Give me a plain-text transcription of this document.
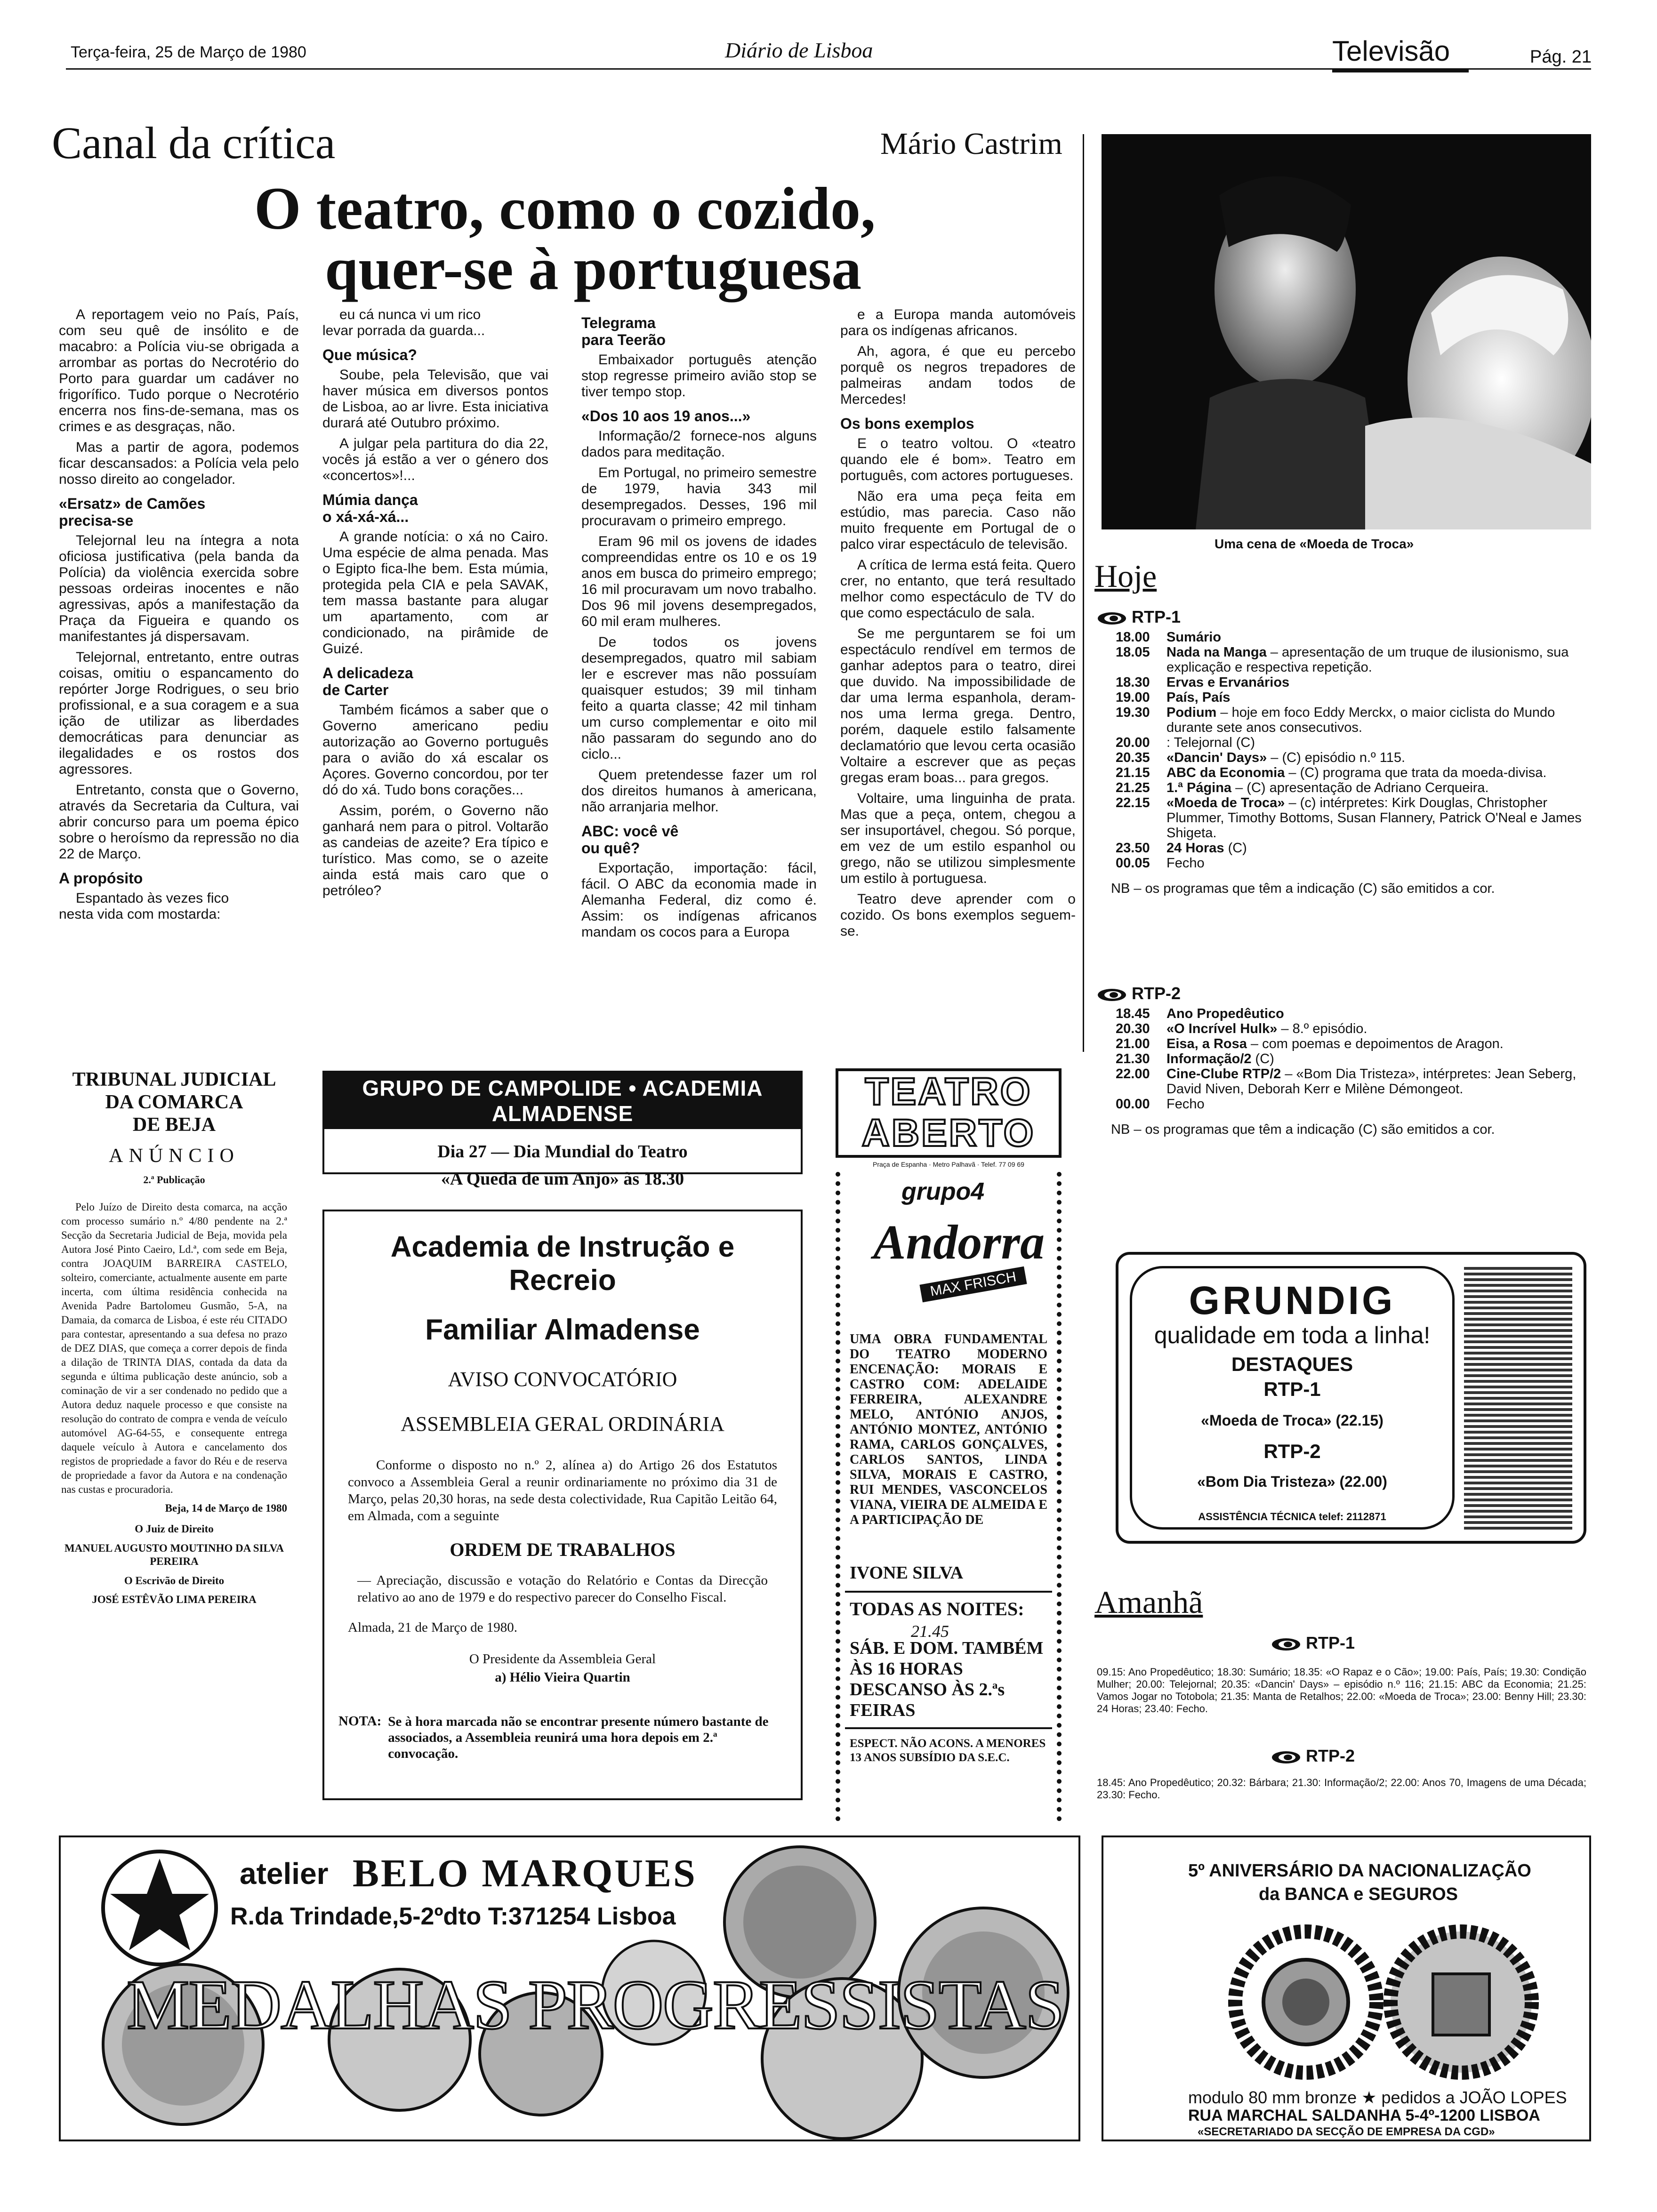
Terça-feira, 25 de Março de 1980	Diário de Lisboa	Televisão	Pág. 21
Canal da crítica	Mário Castrim
O teatro, como o cozido,
quer-se à portuguesa

A reportagem veio no País, País, com seu quê de insólito e de macabro: a Polícia viu-se obrigada a arrombar as portas do Necrotério do Porto para guardar um cadáver no frigorífico. Tudo porque o Necrotério encerra nos fins-de-semana, mas os crimes e as desgraças, não.

Mas a partir de agora, podemos ficar descansados: a Polícia vela pelo nosso direito ao congelador.

«Ersatz» de Camões
precisa-se

Telejornal leu na íntegra a nota oficiosa justificativa (pela banda da Polícia) da violência exercida sobre pessoas ordeiras inocentes e não agressivas, após a manifestação da Praça da Figueira e quando os manifestantes já dispersavam.

Telejornal, entretanto, entre outras coisas, omitiu o espancamento do repórter Jorge Rodrigues, o seu brio profissional, e a sua coragem e a sua ição de utilizar as liberdades democráticas para denunciar as ilegalidades e os rostos dos agressores.

Entretanto, consta que o Governo, através da Secretaria da Cultura, vai abrir concurso para um poema épico sobre o heroísmo da repressão no dia 22 de Março.

A propósito

Espantado às vezes fico
nesta vida com mostarda:

eu cá nunca vi um rico
levar porrada da guarda...

Que música?

Soube, pela Televisão, que vai haver música em diversos pontos de Lisboa, ao ar livre. Esta iniciativa durará até Outubro próximo.

A julgar pela partitura do dia 22, vocês já estão a ver o género dos «concertos»!...

Múmia dança
o xá-xá-xá...

A grande notícia: o xá no Cairo. Uma espécie de alma penada. Mas o Egipto fica-lhe bem. Esta múmia, protegida pela CIA e pela SAVAK, tem massa bastante para alugar um apartamento, com ar condicionado, na pirâmide de Guizé.

A delicadeza
de Carter

Também ficámos a saber que o Governo americano pediu autorização ao Governo português para o avião do xá escalar os Açores. Governo concordou, por ter dó do xá. Tudo bons corações...

Assim, porém, o Governo não ganhará nem para o pitrol. Voltarão as candeias de azeite? Era típico e turístico. Mas como, se o azeite ainda está mais caro que o petróleo?

Telegrama
para Teerão

Embaixador português atenção stop regresse primeiro avião stop se tiver tempo stop.

«Dos 10 aos 19 anos...»

Informação/2 fornece-nos alguns dados para meditação.

Em Portugal, no primeiro semestre de 1979, havia 343 mil desempregados. Desses, 196 mil procuravam o primeiro emprego.

Eram 96 mil os jovens de idades compreendidas entre os 10 e os 19 anos em busca do primeiro emprego; 16 mil procuravam um novo trabalho. Dos 96 mil jovens desempregados, 60 mil eram mulheres.

De todos os jovens desempregados, quatro mil sabiam ler e escrever mas não possuíam quaisquer estudos; 39 mil tinham feito a quarta classe; 42 mil tinham um curso complementar e oito mil não passaram do segundo ano do ciclo...

Quem pretendesse fazer um rol dos direitos humanos à americana, não arranjaria melhor.

ABC: você vê
ou quê?

Exportação, importação: fácil, fácil. O ABC da economia made in Alemanha Federal, diz como é. Assim: os indígenas africanos mandam os cocos para a Europa

e a Europa manda automóveis para os indígenas africanos.

Ah, agora, é que eu percebo porquê os negros trepadores de palmeiras andam todos de Mercedes!

Os bons exemplos

E o teatro voltou. O «teatro quando ele é bom». Teatro em português, com actores portugueses.

Não era uma peça feita em estúdio, mas parecia. Caso não muito frequente em Portugal de o palco virar espectáculo de televisão.

A crítica de Ierma está feita. Quero crer, no entanto, que terá resultado melhor como espectáculo de TV do que como espectáculo de sala.

Se me perguntarem se foi um espectáculo rendível em termos de ganhar adeptos para o teatro, direi que duvido. Na impossibilidade de dar uma Ierma espanhola, deram-nos uma Ierma grega. Dentro, porém, daquele estilo falsamente declamatório que levou certa ocasião Voltaire a escrever que as peças gregas eram boas... para gregos.

Voltaire, uma linguinha de prata. Mas que a peça, ontem, chegou a ser insuportável, chegou. Só porque, em vez de um estilo espanhol ou grego, não se utilizou simplesmente um estilo à portuguesa.

Teatro deve aprender com o cozido. Os bons exemplos seguem-se.

Uma cena de «Moeda de Troca»
Hoje
RTP-1
18.00	Sumário
18.05	Nada na Manga – apresentação de um truque de ilusionismo, sua explicação e respectiva repetição.
18.30	Ervas e Ervanários
19.00	País, País
19.30	Podium – hoje em foco Eddy Merckx, o maior ciclista do Mundo durante sete anos consecutivos.
20.00	: Telejornal (C)
20.35	«Dancin' Days» – (C) episódio n.º 115.
21.15	ABC da Economia – (C) programa que trata da moeda-divisa.
21.25	1.ª Página – (C) apresentação de Adriano Cerqueira.
22.15	«Moeda de Troca» – (c) intérpretes: Kirk Douglas, Christopher Plummer, Timothy Bottoms, Susan Flannery, Patrick O'Neal e James Shigeta.
23.50	24 Horas (C)
00.05	Fecho
NB – os programas que têm a indicação (C) são emitidos a cor.
RTP-2
18.45	Ano Propedêutico
20.30	«O Incrível Hulk» – 8.º episódio.
21.00	Eisa, a Rosa – com poemas e depoimentos de Aragon.
21.30	Informação/2 (C)
22.00	Cine-Clube RTP/2 – «Bom Dia Tristeza», intérpretes: Jean Seberg, David Niven, Deborah Kerr e Milène Démongeot.
00.00	Fecho
NB – os programas que têm a indicação (C) são emitidos a cor.
GRUNDIG
qualidade em toda a linha!
DESTAQUES
RTP-1
«Moeda de Troca» (22.15)
RTP-2
«Bom Dia Tristeza» (22.00)
ASSISTÊNCIA TÉCNICA telef: 2112871
Amanhã
RTP-1
09.15: Ano Propedêutico; 18.30: Sumário; 18.35: «O Rapaz e o Cão»; 19.00: País, País; 19.30: Condição Mulher; 20.00: Telejornal; 20.35: «Dancin' Days» – episódio n.º 116; 21.15: ABC da Economia; 21.25: Vamos Jogar no Totobola; 21.35: Manta de Retalhos; 22.00: «Moeda de Troca»; 23.00: Benny Hill; 23.30: 24 Horas; 23.40: Fecho.
RTP-2
18.45: Ano Propedêutico; 20.32: Bárbara; 21.30: Informação/2; 22.00: Anos 70, Imagens de uma Década; 23.30: Fecho.
TRIBUNAL JUDICIAL
DA COMARCA
DE BEJA
ANÚNCIO
2.ª Publicação
Pelo Juízo de Direito desta comarca, na acção com processo sumário n.º 4/80 pendente na 2.ª Secção da Secretaria Judicial de Beja, movida pela Autora José Pinto Caeiro, Ld.ª, com sede em Beja, contra JOAQUIM BARREIRA CASTELO, solteiro, comerciante, actualmente ausente em parte incerta, com última residência conhecida na Avenida Padre Bartolomeu Gusmão, 5-A, na Damaia, da comarca de Lisboa, é este réu CITADO para contestar, apresentando a sua defesa no prazo de DEZ DIAS, que começa a correr depois de finda a dilação de TRINTA DIAS, contada da data da segunda e última publicação deste anúncio, sob a cominação de vir a ser condenado no pedido que a Autora deduz naquele processo e que consiste na resolução do contrato de compra e venda de veículo automóvel AG-64-55, e consequente entrega daquele veículo à Autora e cancelamento dos registos de propriedade a favor do Réu e de reserva de propriedade a favor da Autora e na condenação nas custas e procuradoria.
Beja, 14 de Março de 1980
O Juiz de Direito
MANUEL AUGUSTO MOUTINHO DA SILVA PEREIRA
O Escrivão de Direito
JOSÉ ESTÊVÃO LIMA PEREIRA
GRUPO DE CAMPOLIDE • ACADEMIA ALMADENSE
Dia 27 — Dia Mundial do Teatro
«A Queda de um Anjo» às 18.30
Academia de Instrução e Recreio
Familiar Almadense
AVISO CONVOCATÓRIO
ASSEMBLEIA GERAL ORDINÁRIA
Conforme o disposto no n.º 2, alínea a) do Artigo 26 dos Estatutos convoco a Assembleia Geral a reunir ordinariamente no próximo dia 31 de Março, pelas 20,30 horas, na sede desta colectividade, Rua Capitão Leitão 64, em Almada, com a seguinte
ORDEM DE TRABALHOS
— Apreciação, discussão e votação do Relatório e Contas da Direcção relativo ao ano de 1979 e do respectivo parecer do Conselho Fiscal.
Almada, 21 de Março de 1980.
O Presidente da Assembleia Geral
a) Hélio Vieira Quartin
NOTA: Se à hora marcada não se encontrar presente número bastante de associados, a Assembleia reunirá uma hora depois em 2.ª convocação.
TEATRO
ABERTO
Praça de Espanha · Metro Palhavã · Telef. 77 09 69
grupo4
Andorra
MAX FRISCH
UMA OBRA FUNDAMENTAL DO TEATRO MODERNO ENCENAÇÃO: MORAIS E CASTRO COM: ADELAIDE FERREIRA, ALEXANDRE MELO, ANTÓNIO ANJOS, ANTÓNIO MONTEZ, ANTÓNIO RAMA, CARLOS GONÇALVES, CARLOS SANTOS, LINDA SILVA, MORAIS E CASTRO, RUI MENDES, VASCONCELOS VIANA, VIEIRA DE ALMEIDA E A PARTICIPAÇÃO DE
IVONE SILVA
TODAS AS NOITES:
21.45
SÁB. E DOM. TAMBÉM ÀS 16 HORAS DESCANSO ÀS 2.ªs FEIRAS
ESPECT. NÃO ACONS. A MENORES 13 ANOS SUBSÍDIO DA S.E.C.
atelier BELO MARQUES
R.da Trindade,5-2ºdto T:371254 Lisboa
MEDALHAS PROGRESSISTAS
5º ANIVERSÁRIO DA NACIONALIZAÇÃO
da BANCA e SEGUROS
modulo 80 mm bronze ★ pedidos a JOÃO LOPES
RUA MARCHAL SALDANHA 5-4º-1200 LISBOA
«SECRETARIADO DA SECÇÃO DE EMPRESA DA CGD»
